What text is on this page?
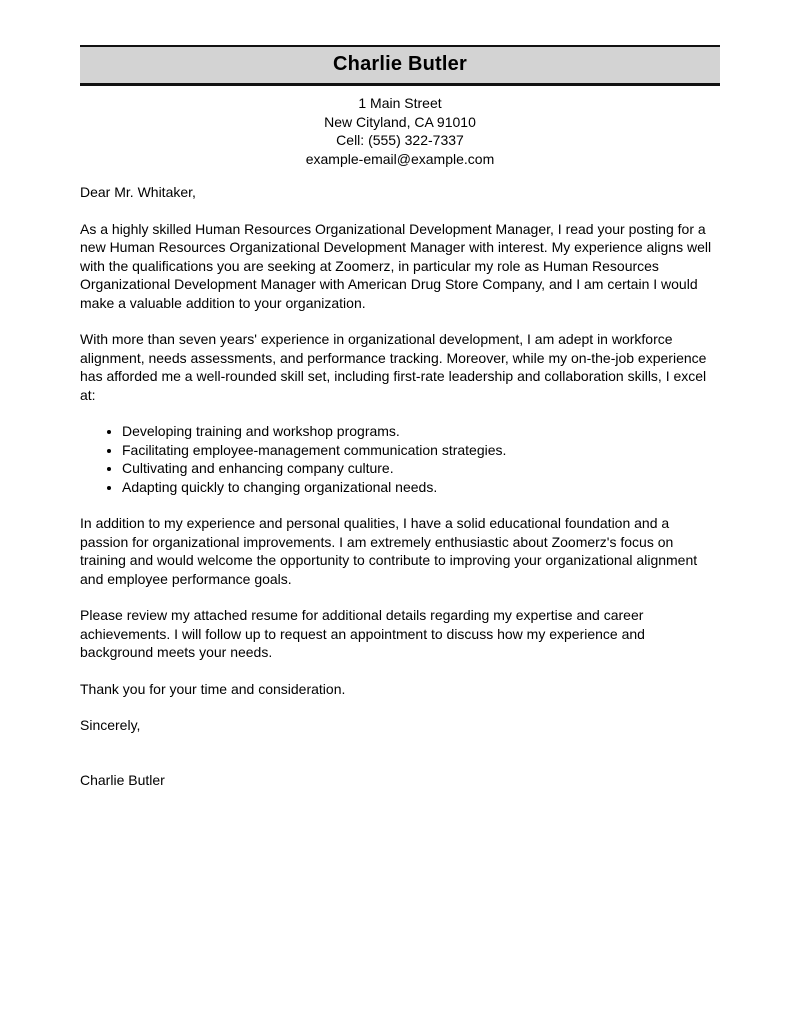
Charlie Butler
1 Main Street
New Cityland, CA 91010
Cell: (555) 322-7337
example-email@example.com
Dear Mr. Whitaker,

As a highly skilled Human Resources Organizational Development Manager, I read your posting for a new Human Resources Organizational Development Manager with interest. My experience aligns well with the qualifications you are seeking at Zoomerz, in particular my role as Human Resources Organizational Development Manager with American Drug Store Company, and I am certain I would make a valuable addition to your organization.

With more than seven years' experience in organizational development, I am adept in workforce alignment, needs assessments, and performance tracking. Moreover, while my on-the-job experience has afforded me a well-rounded skill set, including first-rate leadership and collaboration skills, I excel at:

• Developing training and workshop programs.
• Facilitating employee-management communication strategies.
• Cultivating and enhancing company culture.
• Adapting quickly to changing organizational needs.

In addition to my experience and personal qualities, I have a solid educational foundation and a passion for organizational improvements. I am extremely enthusiastic about Zoomerz's focus on training and would welcome the opportunity to contribute to improving your organizational alignment and employee performance goals.

Please review my attached resume for additional details regarding my expertise and career achievements. I will follow up to request an appointment to discuss how my experience and background meets your needs.

Thank you for your time and consideration.

Sincerely,
Charlie Butler
